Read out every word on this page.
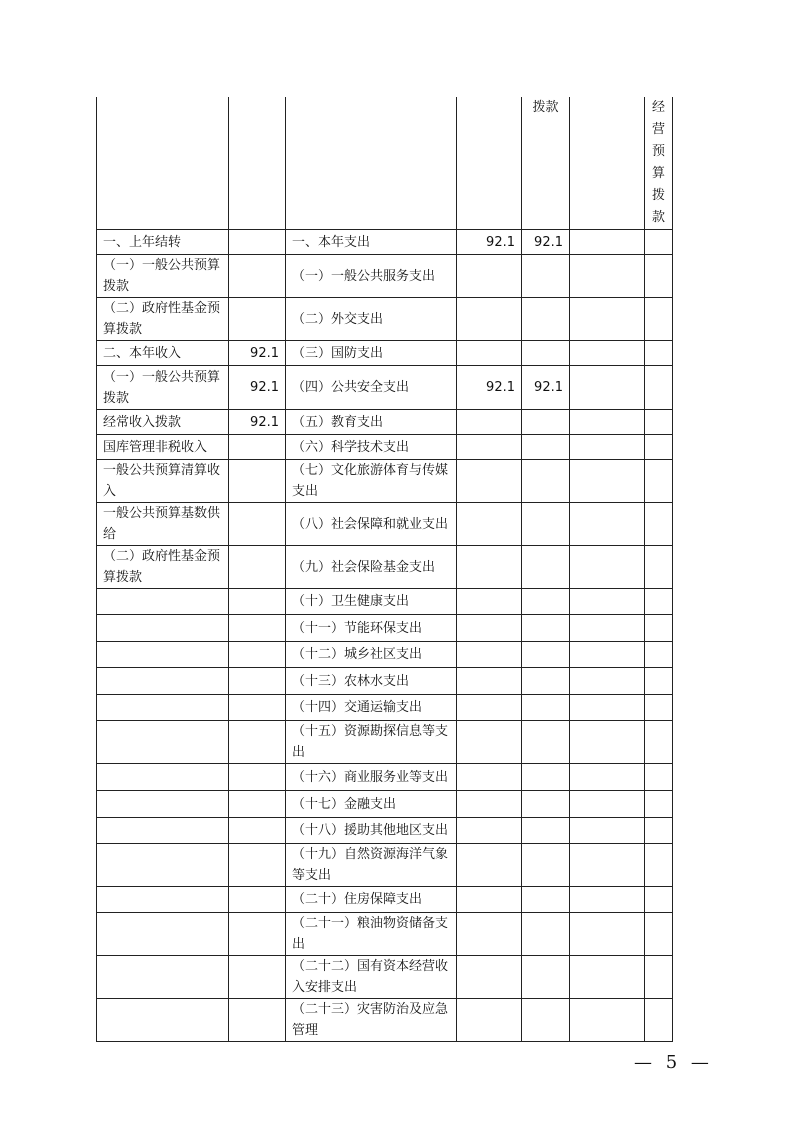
				拨款		经营预算拨款

一、上年结转		一、本年支出	92.1	92.1		
（一）一般公共预算拨款		（一）一般公共服务支出				
（二）政府性基金预算拨款		（二）外交支出				
二、本年收入	92.1	（三）国防支出				
（一）一般公共预算拨款	92.1	（四）公共安全支出	92.1	92.1		
经常收入拨款	92.1	（五）教育支出				
国库管理非税收入		（六）科学技术支出				
一般公共预算清算收入		（七）文化旅游体育与传媒支出				
一般公共预算基数供给		（八）社会保障和就业支出				
（二）政府性基金预算拨款		（九）社会保险基金支出				
		（十）卫生健康支出				
		（十一）节能环保支出				
		（十二）城乡社区支出				
		（十三）农林水支出				
		（十四）交通运输支出				
		（十五）资源勘探信息等支出				
		（十六）商业服务业等支出				
		（十七）金融支出				
		（十八）援助其他地区支出				
		（十九）自然资源海洋气象等支出				
		（二十）住房保障支出				
		（二十一）粮油物资储备支出				
		（二十二）国有资本经营收入安排支出				
		（二十三）灾害防治及应急管理				
— 5 —
